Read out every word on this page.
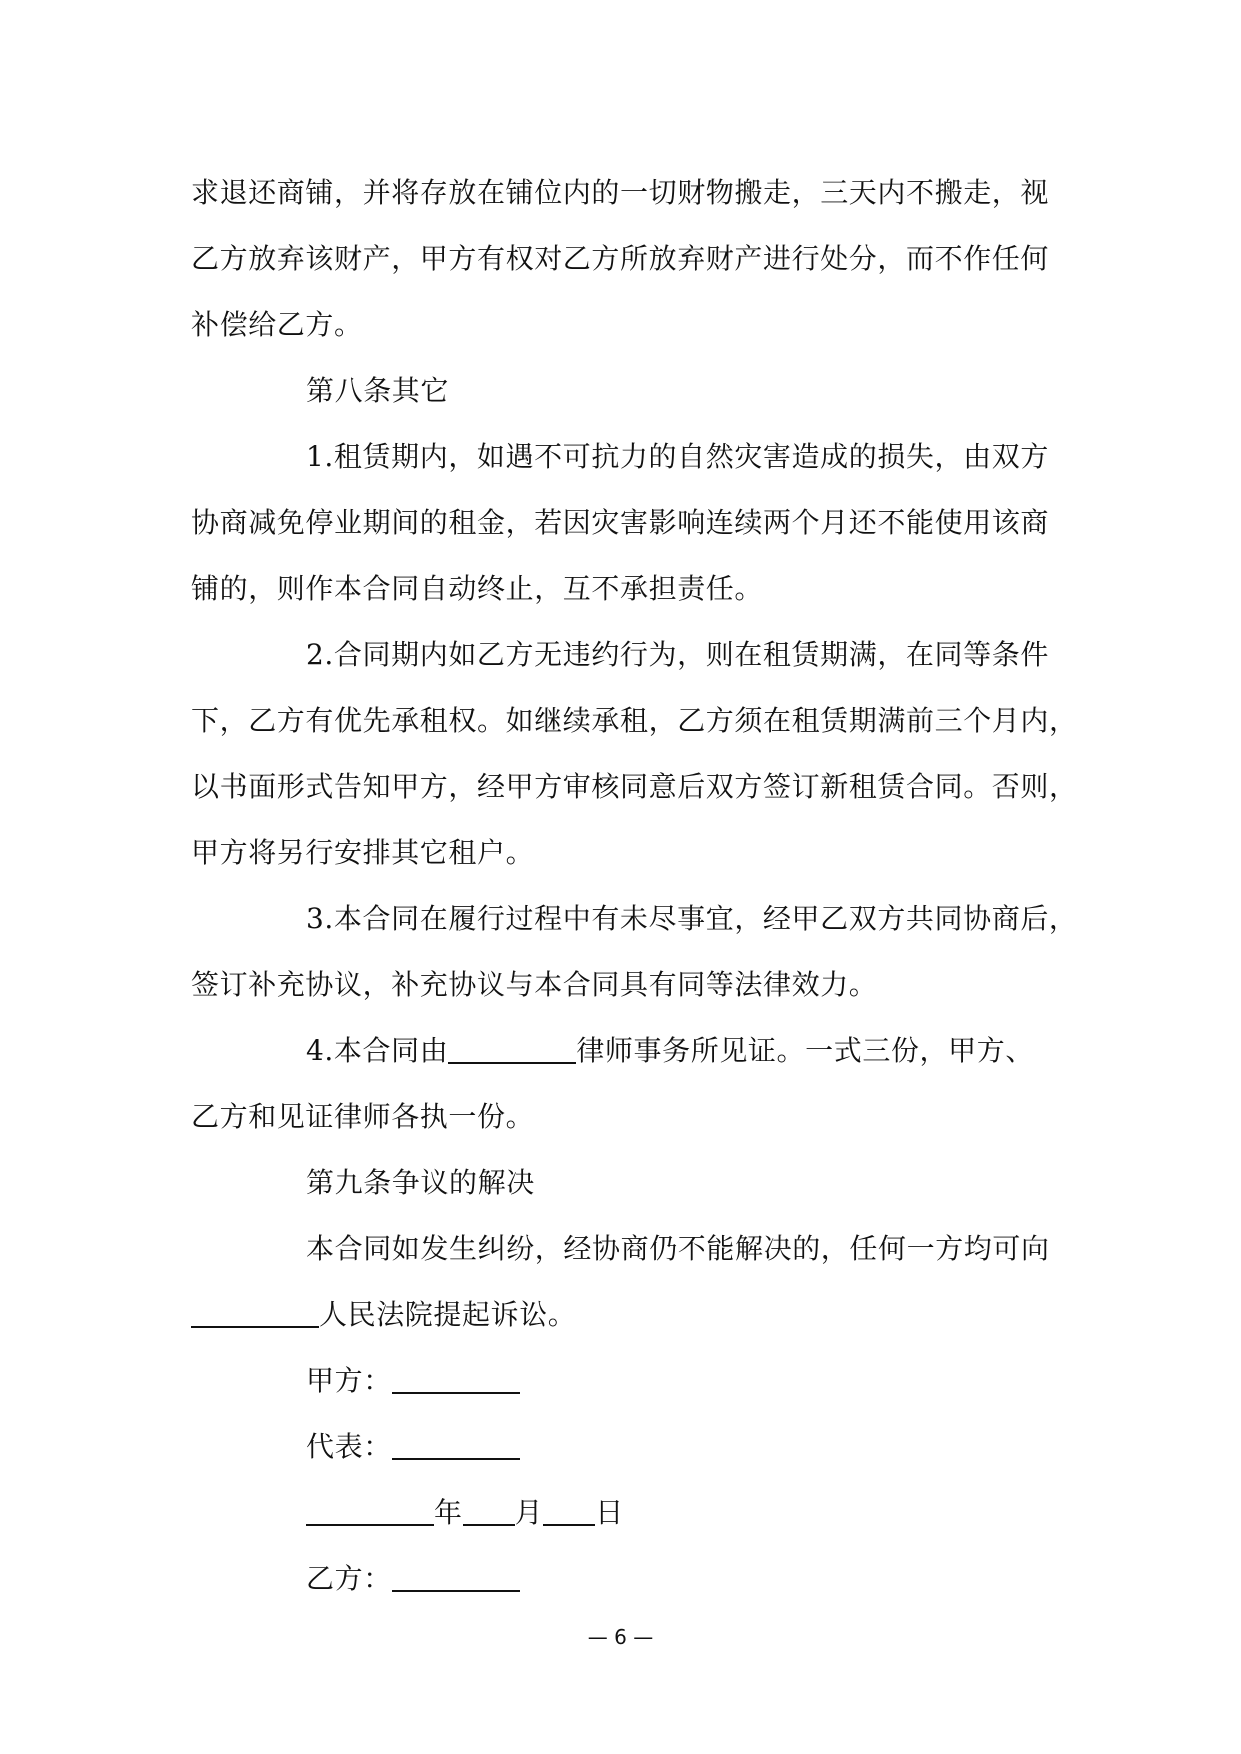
求退还商铺，并将存放在铺位内的一切财物搬走，三天内不搬走，视
乙方放弃该财产，甲方有权对乙方所放弃财产进行处分，而不作任何
补偿给乙方。
第八条其它
1.租赁期内，如遇不可抗力的自然灾害造成的损失，由双方
协商减免停业期间的租金，若因灾害影响连续两个月还不能使用该商
铺的，则作本合同自动终止，互不承担责任。
2.合同期内如乙方无违约行为，则在租赁期满，在同等条件
下，乙方有优先承租权。如继续承租，乙方须在租赁期满前三个月内，
以书面形式告知甲方，经甲方审核同意后双方签订新租赁合同。否则，
甲方将另行安排其它租户。
3.本合同在履行过程中有未尽事宜，经甲乙双方共同协商后，
签订补充协议，补充协议与本合同具有同等法律效力。
4.本合同由	律师事务所见证。一式三份，甲方、
乙方和见证律师各执一份。
第九条争议的解决
本合同如发生纠纷，经协商仍不能解决的，任何一方均可向
人民法院提起诉讼。
甲方：
代表：
年 月 日
乙方：
— 6 —
